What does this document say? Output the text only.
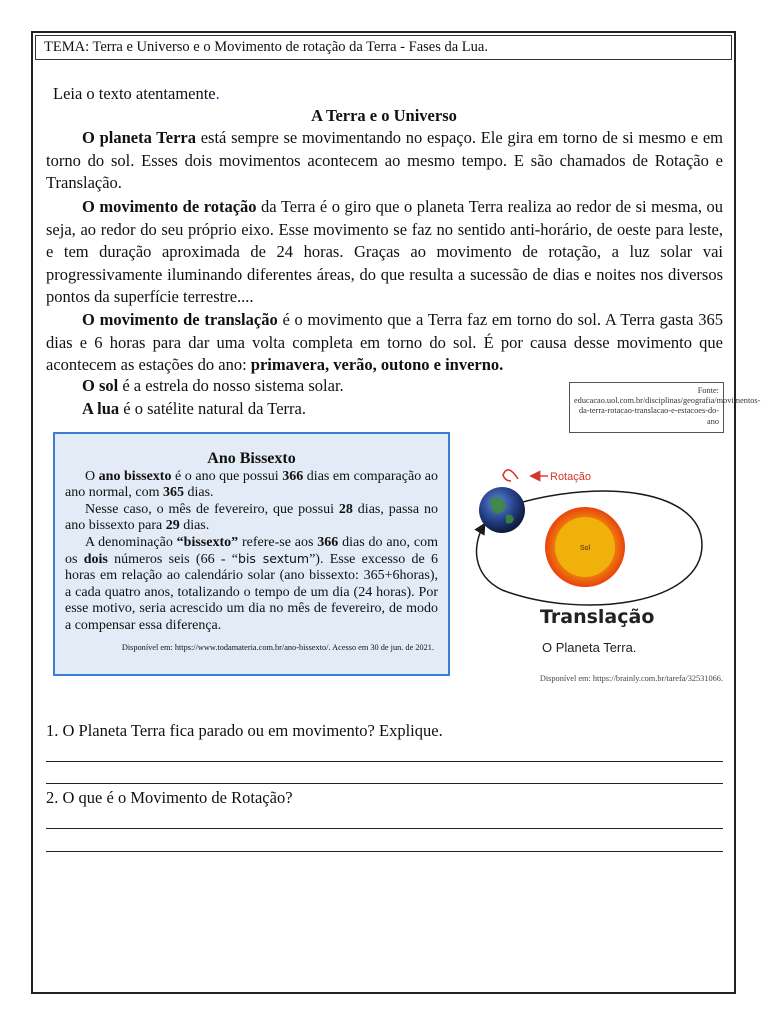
TEMA: Terra e Universo e o Movimento de rotação da Terra - Fases da Lua.
Leia o texto atentamente.
A Terra e o Universo
O planeta Terra está sempre se movimentando no espaço. Ele gira em torno de si mesmo e em torno do sol. Esses dois movimentos acontecem ao mesmo tempo. E são chamados de Rotação e Translação.
O movimento de rotação da Terra é o giro que o planeta Terra realiza ao redor de si mesma, ou seja, ao redor do seu próprio eixo. Esse movimento se faz no sentido anti-horário, de oeste para leste, e tem duração aproximada de 24 horas. Graças ao movimento de rotação, a luz solar vai progressivamente iluminando diferentes áreas, do que resulta a sucessão de dias e noites nos diversos pontos da superfície terrestre....
O movimento de translação é o movimento que a Terra faz em torno do sol. A Terra gasta 365 dias e 6 horas para dar uma volta completa em torno do sol. É por causa desse movimento que acontecem as estações do ano: primavera, verão, outono e inverno.
O sol é a estrela do nosso sistema solar.
A lua é o satélite natural da Terra.
Fonte:
educacao.uol.com.br/disciplinas/geografia/movimentos-da-terra-rotacao-translacao-e-estacoes-do-ano
Ano Bissexto

O ano bissexto é o ano que possui 366 dias em comparação ao ano normal, com 365 dias.

Nesse caso, o mês de fevereiro, que possui 28 dias, passa no ano bissexto para 29 dias.

A denominação “bissexto” refere-se aos 366 dias do ano, com os dois números seis (66 - “bis sextum”). Esse excesso de 6 horas em relação ao calendário solar (ano bissexto: 365+6horas), a cada quatro anos, totalizando o tempo de um dia (24 horas). Por esse motivo, seria acrescido um dia no mês de fevereiro, de modo a compensar essa diferença.

Disponível em: https://www.todamateria.com.br/ano-bissexto/. Acesso em 30 de jun. de 2021.

Sol
Rotação
Translação
O Planeta Terra.
Disponível em: https://brainly.com.br/tarefa/32531066.
1. O Planeta Terra fica parado ou em movimento? Explique.
2. O que é o Movimento de Rotação?
